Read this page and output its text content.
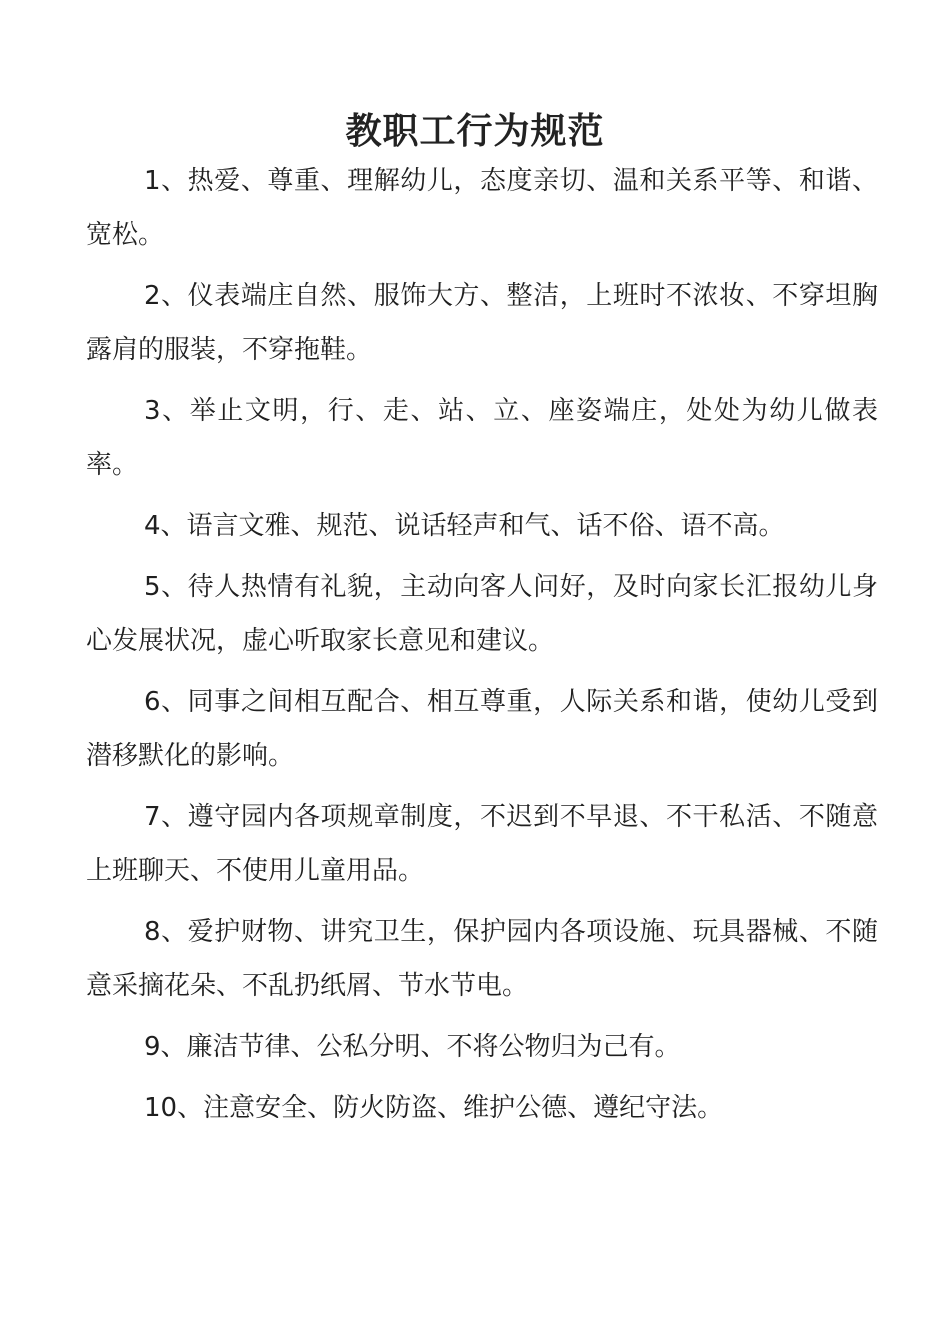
教职工行为规范
1、热爱、尊重、理解幼儿，态度亲切、温和关系平等、和谐、宽松。
2、仪表端庄自然、服饰大方、整洁，上班时不浓妆、不穿坦胸露肩的服装，不穿拖鞋。
3、举止文明，行、走、站、立、座姿端庄，处处为幼儿做表率。
4、语言文雅、规范、说话轻声和气、话不俗、语不高。
5、待人热情有礼貌，主动向客人问好，及时向家长汇报幼儿身心发展状况，虚心听取家长意见和建议。
6、同事之间相互配合、相互尊重，人际关系和谐，使幼儿受到潜移默化的影响。
7、遵守园内各项规章制度，不迟到不早退、不干私活、不随意上班聊天、不使用儿童用品。
8、爱护财物、讲究卫生，保护园内各项设施、玩具器械、不随意采摘花朵、不乱扔纸屑、节水节电。
9、廉洁节律、公私分明、不将公物归为己有。
10、注意安全、防火防盗、维护公德、遵纪守法。
